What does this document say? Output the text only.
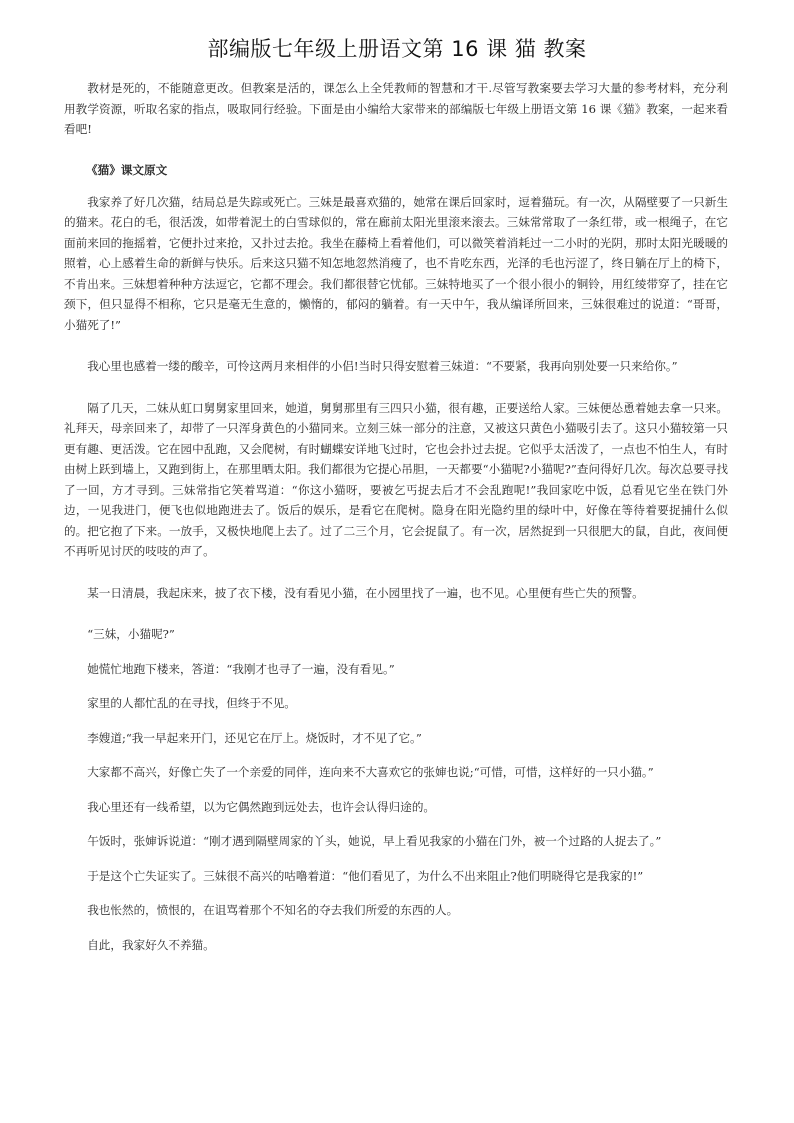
部编版七年级上册语文第 16 课 猫 教案

教材是死的，不能随意更改。但教案是活的，课怎么上全凭教师的智慧和才干.尽管写教案要去学习大量的参考材料，充分利用教学资源，听取名家的指点，吸取同行经验。下面是由小编给大家带来的部编版七年级上册语文第 16 课《猫》教案，一起来看看吧!

《猫》课文原文

我家养了好几次猫，结局总是失踪或死亡。三妹是最喜欢猫的，她常在课后回家时，逗着猫玩。有一次，从隔壁要了一只新生的猫来。花白的毛，很活泼，如带着泥土的白雪球似的，常在廊前太阳光里滚来滚去。三妹常常取了一条红带，或一根绳子，在它面前来回的拖摇着，它便扑过来抢，又扑过去抢。我坐在藤椅上看着他们，可以微笑着消耗过一二小时的光阴，那时太阳光暖暖的照着，心上感着生命的新鲜与快乐。后来这只猫不知怎地忽然消瘦了，也不肯吃东西，光泽的毛也污涩了，终日躺在厅上的椅下，不肯出来。三妹想着种种方法逗它，它都不理会。我们都很替它忧郁。三妹特地买了一个很小很小的铜铃，用红绫带穿了，挂在它颈下，但只显得不相称，它只是毫无生意的，懒惰的，郁闷的躺着。有一天中午，我从编译所回来，三妹很难过的说道：“哥哥，小猫死了!”

我心里也感着一缕的酸辛，可怜这两月来相伴的小侣!当时只得安慰着三妹道：“不要紧，我再向别处要一只来给你。”

隔了几天，二妹从虹口舅舅家里回来，她道，舅舅那里有三四只小猫，很有趣，正要送给人家。三妹便怂恿着她去拿一只来。礼拜天，母亲回来了，却带了一只浑身黄色的小猫同来。立刻三妹一部分的注意，又被这只黄色小猫吸引去了。这只小猫较第一只更有趣、更活泼。它在园中乱跑，又会爬树，有时蝴蝶安详地飞过时，它也会扑过去捉。它似乎太活泼了，一点也不怕生人，有时由树上跃到墙上，又跑到街上，在那里晒太阳。我们都很为它提心吊胆，一天都要“小猫呢?小猫呢?”查问得好几次。每次总要寻找了一回，方才寻到。三妹常指它笑着骂道：“你这小猫呀，要被乞丐捉去后才不会乱跑呢!”我回家吃中饭，总看见它坐在铁门外边，一见我进门，便飞也似地跑进去了。饭后的娱乐，是看它在爬树。隐身在阳光隐约里的绿叶中，好像在等待着要捉捕什么似的。把它抱了下来。一放手，又极快地爬上去了。过了二三个月，它会捉鼠了。有一次，居然捉到一只很肥大的鼠，自此，夜间便不再听见讨厌的吱吱的声了。

某一日清晨，我起床来，披了衣下楼，没有看见小猫，在小园里找了一遍，也不见。心里便有些亡失的预警。

“三妹，小猫呢?”

她慌忙地跑下楼来，答道：“我刚才也寻了一遍，没有看见。”

家里的人都忙乱的在寻找，但终于不见。

李嫂道;“我一早起来开门，还见它在厅上。烧饭时，才不见了它。”

大家都不高兴，好像亡失了一个亲爱的同伴，连向来不大喜欢它的张婶也说;“可惜，可惜，这样好的一只小猫。”

我心里还有一线希望，以为它偶然跑到远处去，也许会认得归途的。

午饭时，张婶诉说道：“刚才遇到隔壁周家的丫头，她说，早上看见我家的小猫在门外，被一个过路的人捉去了。”

于是这个亡失证实了。三妹很不高兴的咕噜着道：“他们看见了，为什么不出来阻止?他们明晓得它是我家的!”

我也怅然的，愤恨的，在诅骂着那个不知名的夺去我们所爱的东西的人。

自此，我家好久不养猫。
